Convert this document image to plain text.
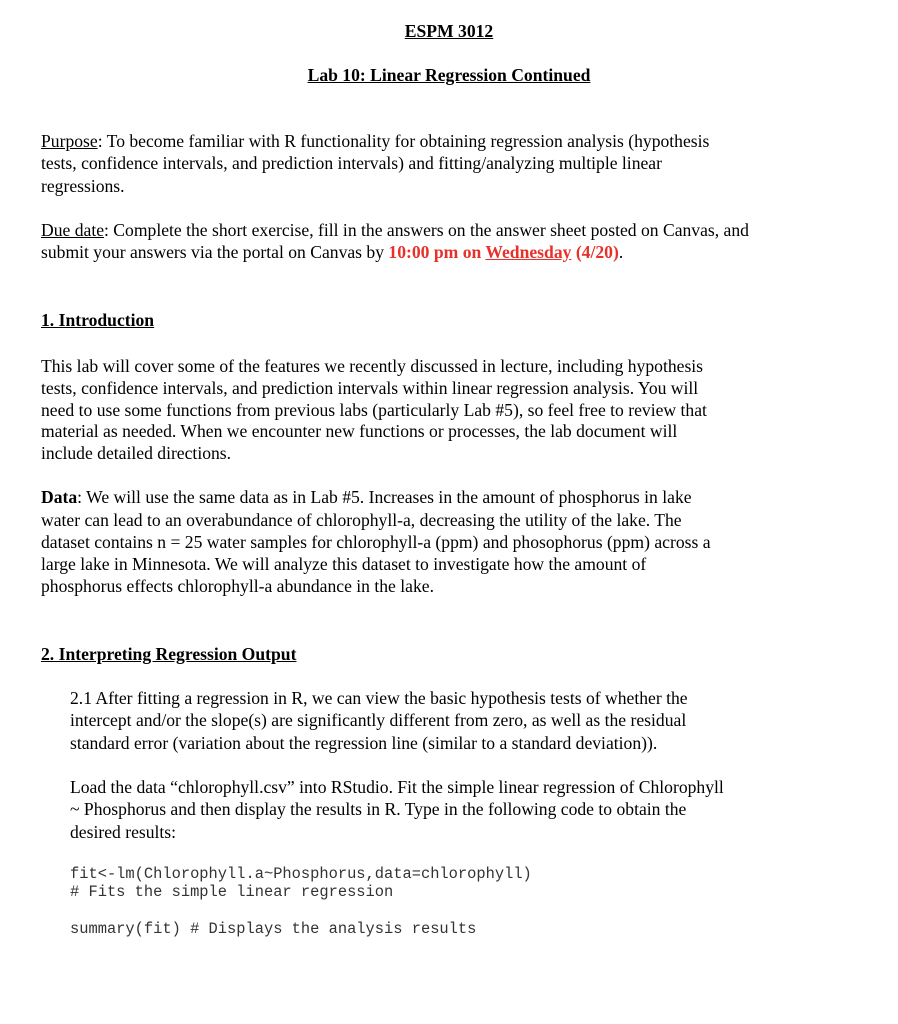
ESPM 3012
Lab 10: Linear Regression Continued
Purpose: To become familiar with R functionality for obtaining regression analysis (hypothesis
tests, confidence intervals, and prediction intervals) and fitting/analyzing multiple linear
regressions.
Due date: Complete the short exercise, fill in the answers on the answer sheet posted on Canvas, and
submit your answers via the portal on Canvas by 10:00 pm on Wednesday (4/20).
1. Introduction
This lab will cover some of the features we recently discussed in lecture, including hypothesis
tests, confidence intervals, and prediction intervals within linear regression analysis. You will
need to use some functions from previous labs (particularly Lab #5), so feel free to review that
material as needed. When we encounter new functions or processes, the lab document will
include detailed directions.
Data: We will use the same data as in Lab #5. Increases in the amount of phosphorus in lake
water can lead to an overabundance of chlorophyll-a, decreasing the utility of the lake. The
dataset contains n = 25 water samples for chlorophyll-a (ppm) and phosophorus (ppm) across a
large lake in Minnesota. We will analyze this dataset to investigate how the amount of
phosphorus effects chlorophyll-a abundance in the lake.
2. Interpreting Regression Output
2.1 After fitting a regression in R, we can view the basic hypothesis tests of whether the
intercept and/or the slope(s) are significantly different from zero, as well as the residual
standard error (variation about the regression line (similar to a standard deviation)).
Load the data “chlorophyll.csv” into RStudio. Fit the simple linear regression of Chlorophyll
~ Phosphorus and then display the results in R. Type in the following code to obtain the
desired results:
fit<-lm(Chlorophyll.a~Phosphorus,data=chlorophyll)
# Fits the simple linear regression
summary(fit) # Displays the analysis results
